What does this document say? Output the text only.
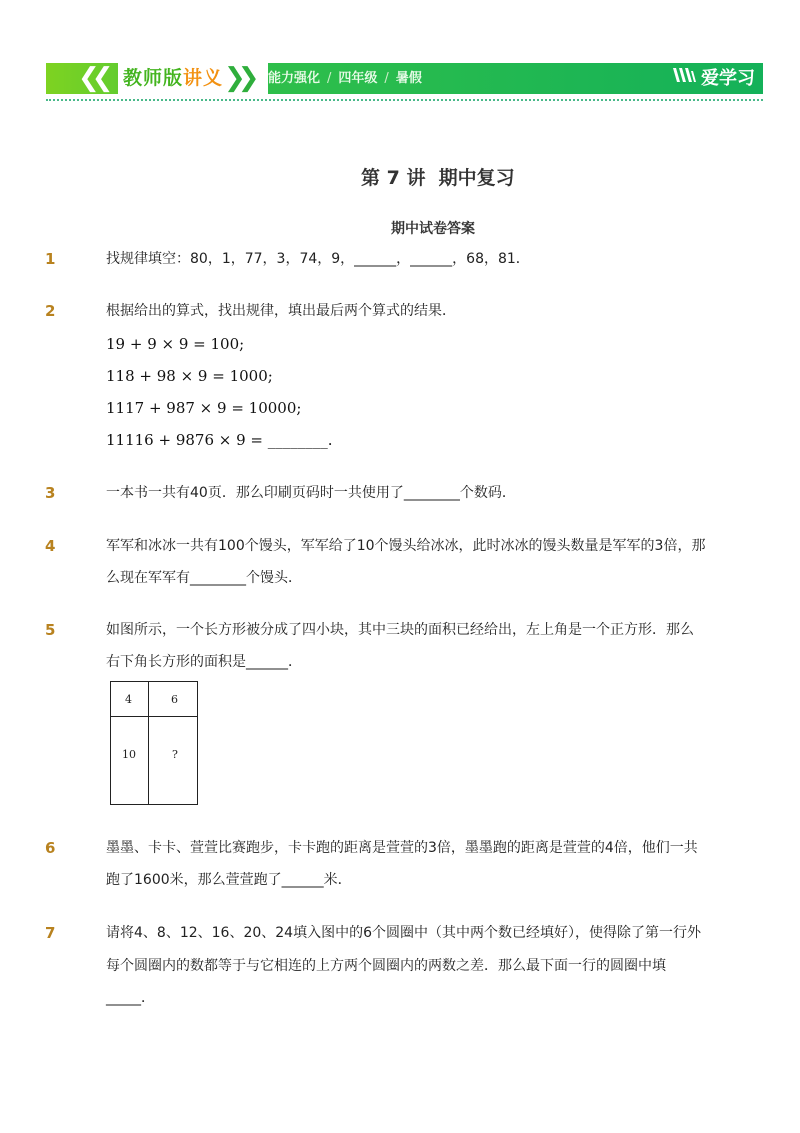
❮❮ 教师版讲义 ❯❯ 能力强化 / 四年级 / 暑假	爱学习
第 7 讲  期中复习
期中试卷答案
1	找规律填空：80，1，77，3，74，9，______，______，68，81．
2	根据给出的算式，找出规律，填出最后两个算式的结果．
19 + 9 × 9 = 100;
118 + 98 × 9 = 1000;
1117 + 987 × 9 = 10000;
11116 + 9876 × 9 = ________.
3	一本书一共有40页．那么印刷页码时一共使用了________个数码．
4	军军和冰冰一共有100个馒头，军军给了10个馒头给冰冰，此时冰冰的馒头数量是军军的3倍，那
么现在军军有________个馒头．
5	如图所示，一个长方形被分成了四小块，其中三块的面积已经给出，左上角是一个正方形．那么
右下角长方形的面积是______．
4	6
10	?
6	墨墨、卡卡、萱萱比赛跑步，卡卡跑的距离是萱萱的3倍，墨墨跑的距离是萱萱的4倍，他们一共
跑了1600米，那么萱萱跑了______米．
7	请将4、8、12、16、20、24填入图中的6个圆圈中（其中两个数已经填好），使得除了第一行外
每个圆圈内的数都等于与它相连的上方两个圆圈内的两数之差．那么最下面一行的圆圈中填
_____．
